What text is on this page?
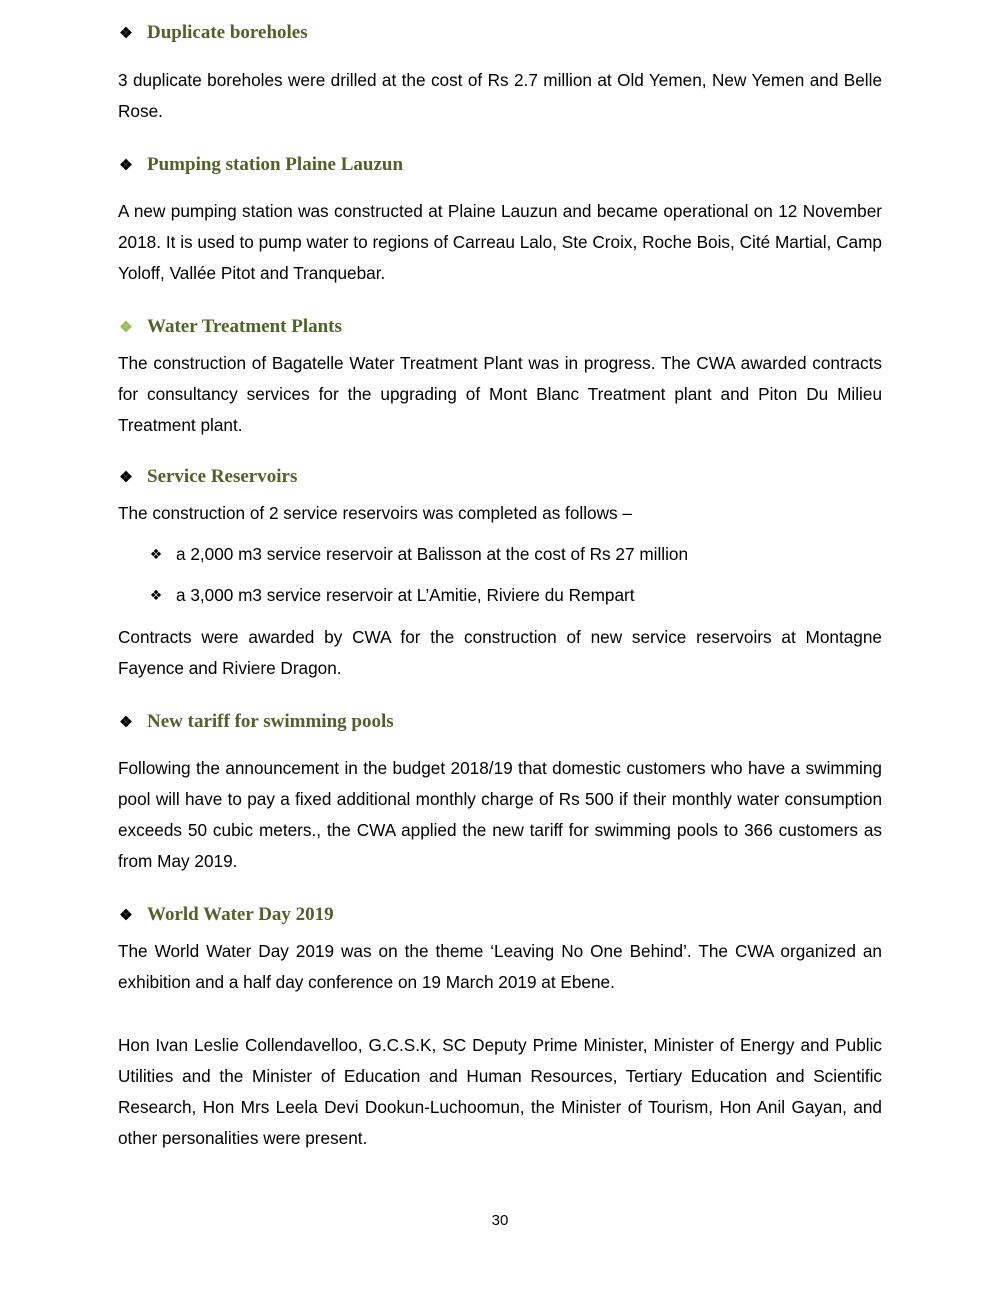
❖ Duplicate boreholes

3 duplicate boreholes were drilled at the cost of Rs 2.7 million at Old Yemen, New Yemen and Belle Rose.

❖ Pumping station Plaine Lauzun

A new pumping station was constructed at Plaine Lauzun and became operational on 12 November 2018. It is used to pump water to regions of Carreau Lalo, Ste Croix, Roche Bois, Cité Martial, Camp Yoloff, Vallée Pitot and Tranquebar.

❖ Water Treatment Plants

The construction of Bagatelle Water Treatment Plant was in progress. The CWA awarded contracts for consultancy services for the upgrading of Mont Blanc Treatment plant and Piton Du Milieu Treatment plant.

❖ Service Reservoirs

The construction of 2 service reservoirs was completed as follows –

❖ a 2,000 m3 service reservoir at Balisson at the cost of Rs 27 million
❖ a 3,000 m3 service reservoir at L’Amitie, Riviere du Rempart

Contracts were awarded by CWA for the construction of new service reservoirs at Montagne Fayence and Riviere Dragon.

❖ New tariff for swimming pools

Following the announcement in the budget 2018/19 that domestic customers who have a swimming pool will have to pay a fixed additional monthly charge of Rs 500 if their monthly water consumption exceeds 50 cubic meters., the CWA applied the new tariff for swimming pools to 366 customers as from May 2019.

❖ World Water Day 2019

The World Water Day 2019 was on the theme ‘Leaving No One Behind’. The CWA organized an exhibition and a half day conference on 19 March 2019 at Ebene.

Hon Ivan Leslie Collendavelloo, G.C.S.K, SC Deputy Prime Minister, Minister of Energy and Public Utilities and the Minister of Education and Human Resources, Tertiary Education and Scientific Research, Hon Mrs Leela Devi Dookun-Luchoomun, the Minister of Tourism, Hon Anil Gayan, and other personalities were present.

30
